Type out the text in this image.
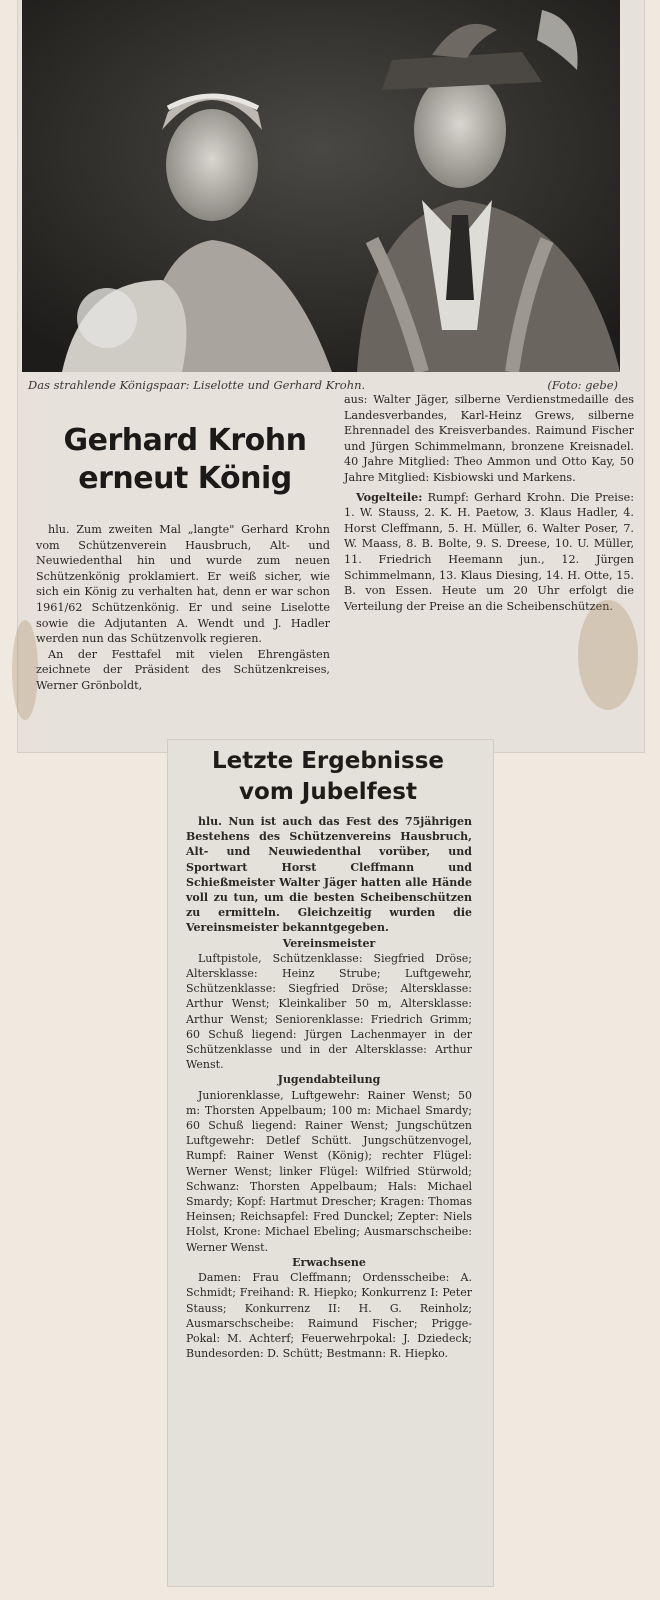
Das strahlende Königspaar: Liselotte und Gerhard Krohn.	(Foto: gebe)
Gerhard Krohn
erneut König

hlu. Zum zweiten Mal „langte" Gerhard Krohn vom Schützenverein Hausbruch, Alt- und Neuwiedenthal hin und wurde zum neuen Schützenkönig proklamiert. Er weiß sicher, wie sich ein König zu verhalten hat, denn er war schon 1961/62 Schützenkönig. Er und seine Liselotte sowie die Adjutanten A. Wendt und J. Hadler werden nun das Schützenvolk regieren.

An der Festtafel mit vielen Ehrengästen zeichnete der Präsident des Schützenkreises, Werner Grönboldt,

aus: Walter Jäger, silberne Verdienstmedaille des Landesverbandes, Karl-Heinz Grews, silberne Ehrennadel des Kreisverbandes. Raimund Fischer und Jürgen Schimmelmann, bronzene Kreisnadel. 40 Jahre Mitglied: Theo Ammon und Otto Kay, 50 Jahre Mitglied: Kisbiowski und Markens.

Vogelteile: Rumpf: Gerhard Krohn. Die Preise: 1. W. Stauss, 2. K. H. Paetow, 3. Klaus Hadler, 4. Horst Cleffmann, 5. H. Müller, 6. Walter Poser, 7. W. Maass, 8. B. Bolte, 9. S. Dreese, 10. U. Müller, 11. Friedrich Heemann jun., 12. Jürgen Schimmelmann, 13. Klaus Diesing, 14. H. Otte, 15. B. von Essen. Heute um 20 Uhr erfolgt die Verteilung der Preise an die Scheibenschützen.

Letzte Ergebnisse
vom Jubelfest

hlu. Nun ist auch das Fest des 75jährigen Bestehens des Schützenvereins Hausbruch, Alt- und Neuwiedenthal vorüber, und Sportwart Horst Cleffmann und Schießmeister Walter Jäger hatten alle Hände voll zu tun, um die besten Scheibenschützen zu ermitteln. Gleichzeitig wurden die Vereinsmeister bekanntgegeben.

Vereinsmeister

Luftpistole, Schützenklasse: Siegfried Dröse; Altersklasse: Heinz Strube; Luftgewehr, Schützenklasse: Siegfried Dröse; Altersklasse: Arthur Wenst; Kleinkaliber 50 m, Altersklasse: Arthur Wenst; Seniorenklasse: Friedrich Grimm; 60 Schuß liegend: Jürgen Lachenmayer in der Schützenklasse und in der Altersklasse: Arthur Wenst.

Jugendabteilung

Juniorenklasse, Luftgewehr: Rainer Wenst; 50 m: Thorsten Appelbaum; 100 m: Michael Smardy; 60 Schuß liegend: Rainer Wenst; Jungschützen Luftgewehr: Detlef Schütt. Jungschützenvogel, Rumpf: Rainer Wenst (König); rechter Flügel: Werner Wenst; linker Flügel: Wilfried Stürwold; Schwanz: Thorsten Appelbaum; Hals: Michael Smardy; Kopf: Hartmut Drescher; Kragen: Thomas Heinsen; Reichsapfel: Fred Dunckel; Zepter: Niels Holst, Krone: Michael Ebeling; Ausmarschscheibe: Werner Wenst.

Erwachsene

Damen: Frau Cleffmann; Ordensscheibe: A. Schmidt; Freihand: R. Hiepko; Konkurrenz I: Peter Stauss; Konkurrenz II: H. G. Reinholz; Ausmarschscheibe: Raimund Fischer; Prigge-Pokal: M. Achterf; Feuerwehrpokal: J. Dziedeck; Bundesorden: D. Schütt; Bestmann: R. Hiepko.
